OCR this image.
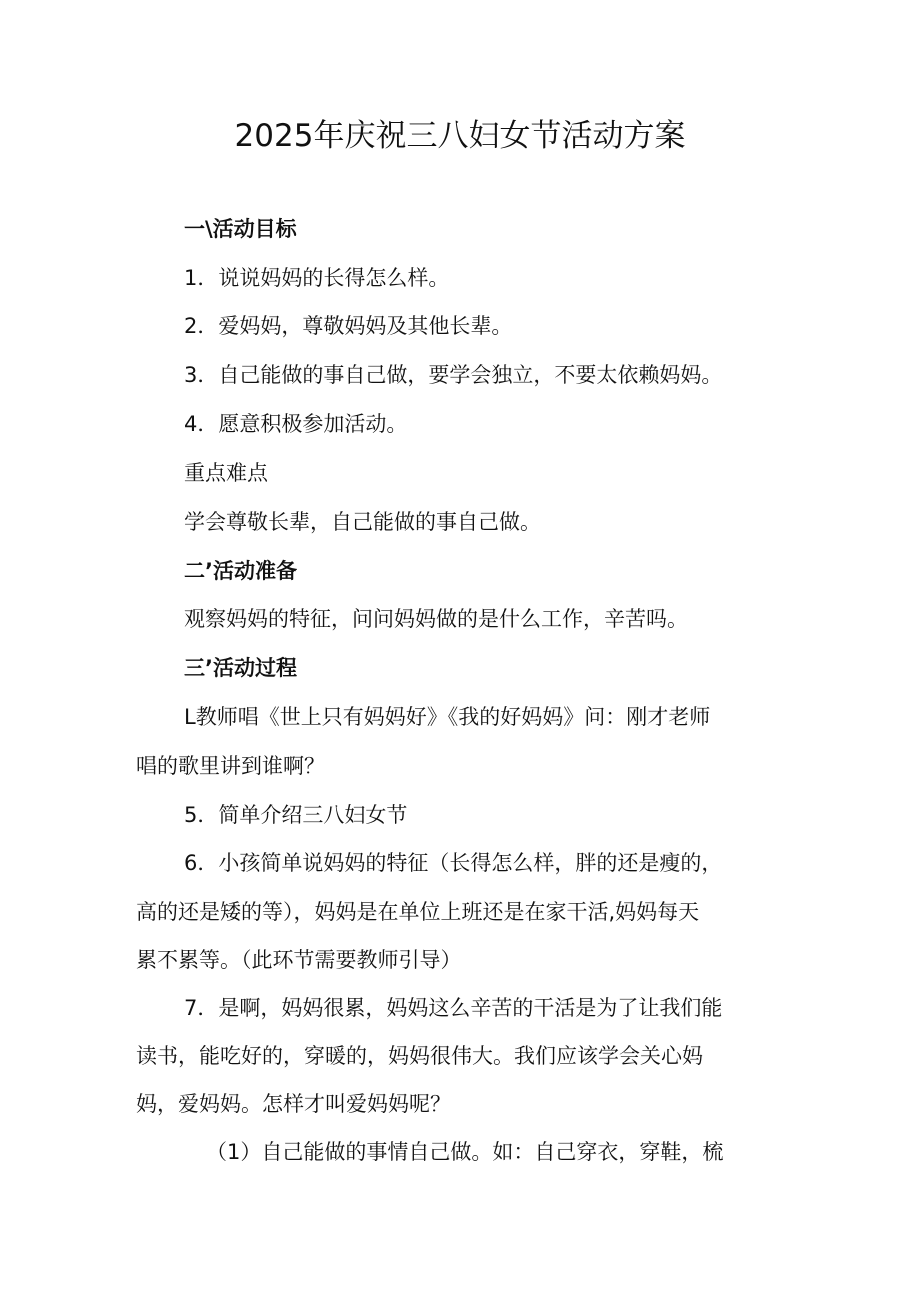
2025年庆祝三八妇女节活动方案
一\活动目标
1．说说妈妈的长得怎么样。
2．爱妈妈，尊敬妈妈及其他长辈。
3．自己能做的事自己做，要学会独立，不要太依赖妈妈。
4．愿意积极参加活动。
重点难点
学会尊敬长辈，自己能做的事自己做。
二’活动准备
观察妈妈的特征，问问妈妈做的是什么工作，辛苦吗。
三’活动过程
L教师唱《世上只有妈妈好》《我的好妈妈》问：刚才老师
唱的歌里讲到谁啊？
5．简单介绍三八妇女节
6．小孩简单说妈妈的特征（长得怎么样，胖的还是瘦的，
高的还是矮的等），妈妈是在单位上班还是在家干活,妈妈每天
累不累等。（此环节需要教师引导）
7．是啊，妈妈很累，妈妈这么辛苦的干活是为了让我们能
读书，能吃好的，穿暖的，妈妈很伟大。我们应该学会关心妈
妈，爱妈妈。怎样才叫爱妈妈呢？
（1）自己能做的事情自己做。如：自己穿衣，穿鞋，梳
